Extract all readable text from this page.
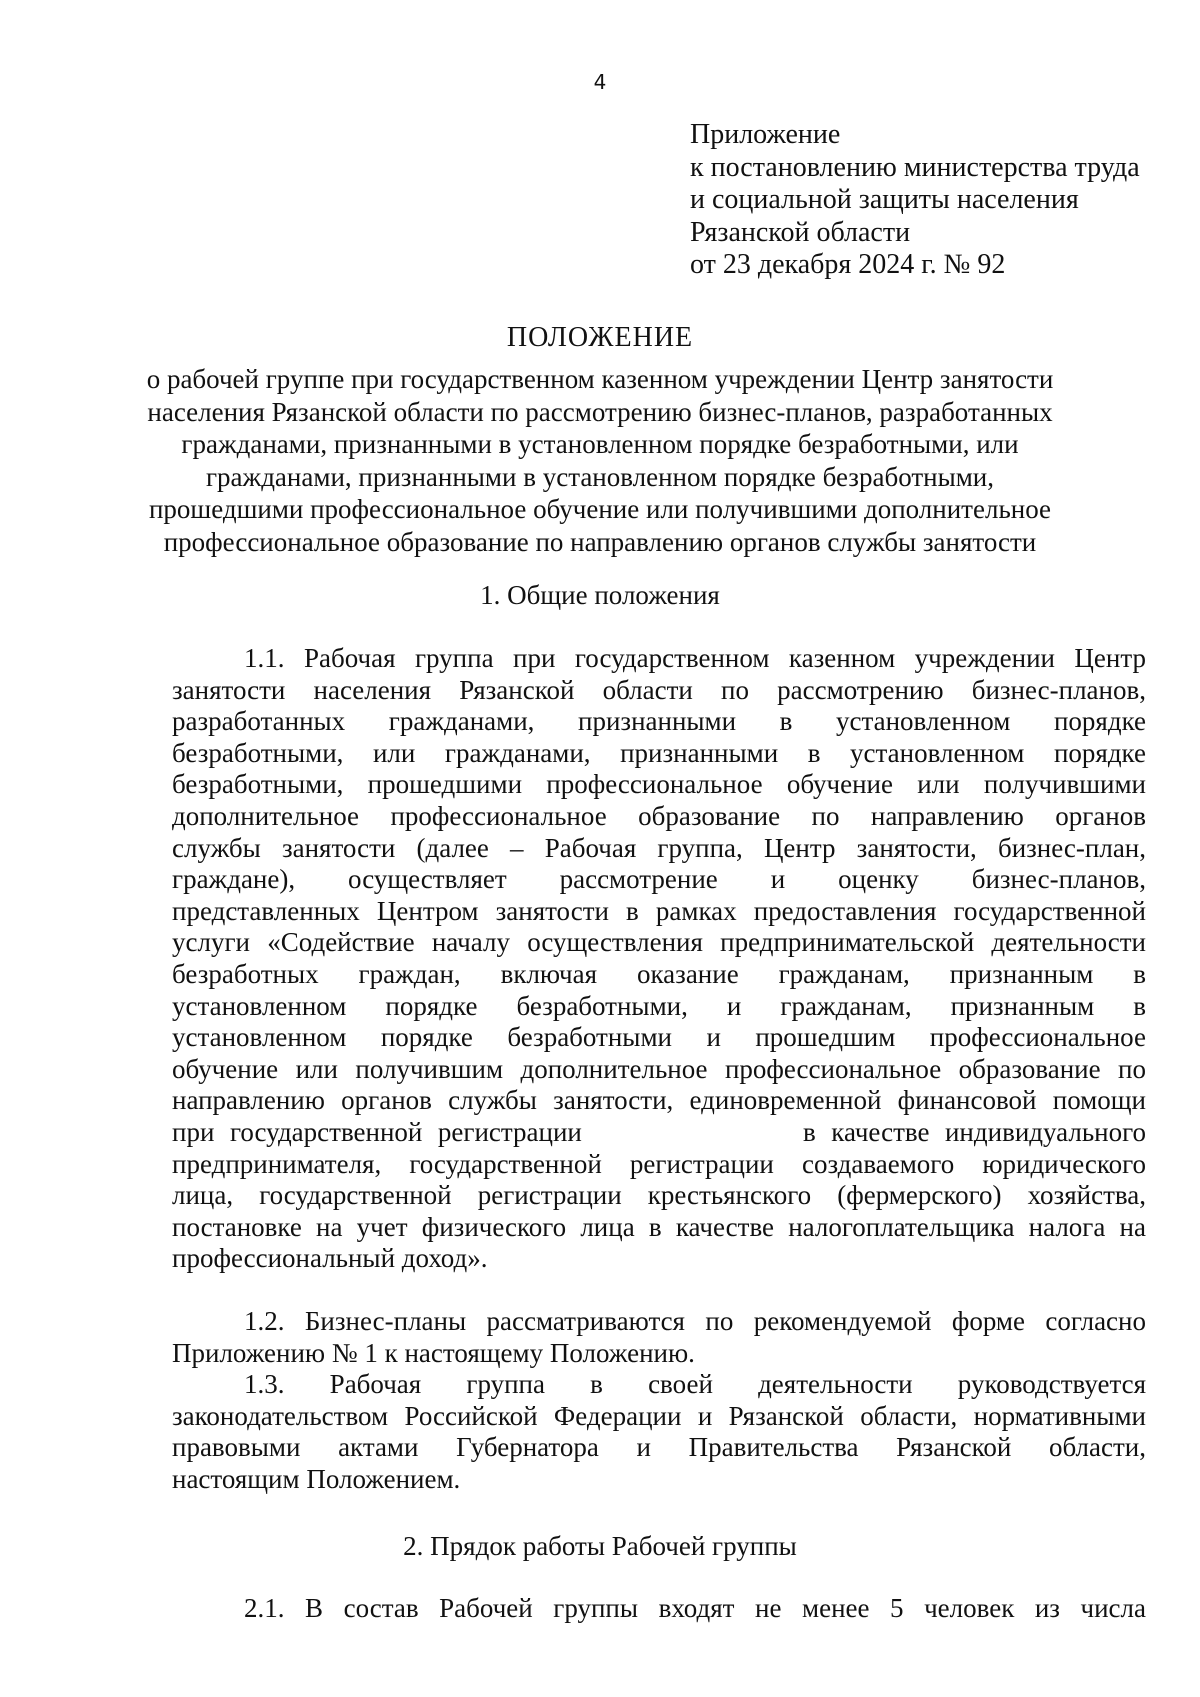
4
Приложение
к постановлению министерства труда
и социальной защиты населения
Рязанской области
от 23 декабря 2024 г. № 92
ПОЛОЖЕНИЕ
о рабочей группе при государственном казенном учреждении Центр занятости
населения Рязанской области по рассмотрению бизнес-планов, разработанных
гражданами, признанными в установленном порядке безработными, или
гражданами, признанными в установленном порядке безработными,
прошедшими профессиональное обучение или получившими дополнительное
профессиональное образование по направлению органов службы занятости
1. Общие положения
1.1. Рабочая группа при государственном казенном учреждении Центр
занятости населения Рязанской области по рассмотрению бизнес-планов,
разработанных гражданами, признанными в установленном порядке
безработными, или гражданами, признанными в установленном порядке
безработными, прошедшими профессиональное обучение или получившими
дополнительное профессиональное образование по направлению органов
службы занятости (далее – Рабочая группа, Центр занятости, бизнес-план,
граждане), осуществляет рассмотрение и оценку бизнес-планов,
представленных Центром занятости в рамках предоставления государственной
услуги «Содействие началу осуществления предпринимательской деятельности
безработных граждан, включая оказание гражданам, признанным в
установленном порядке безработными, и гражданам, признанным в
установленном порядке безработными и прошедшим профессиональное
обучение или получившим дополнительное профессиональное образование по
направлению органов службы занятости, единовременной финансовой помощи
при государственной регистрации	в качестве индивидуального
предпринимателя, государственной регистрации создаваемого юридического
лица, государственной регистрации крестьянского (фермерского) хозяйства,
постановке на учет физического лица в качестве налогоплательщика налога на
профессиональный доход».
1.2. Бизнес-планы рассматриваются по рекомендуемой форме согласно
Приложению № 1 к настоящему Положению.
1.3. Рабочая группа в своей деятельности руководствуется
законодательством Российской Федерации и Рязанской области, нормативными
правовыми актами Губернатора и Правительства Рязанской области,
настоящим Положением.
2. Прядок работы Рабочей группы
2.1. В состав Рабочей группы входят не менее 5 человек из числа
